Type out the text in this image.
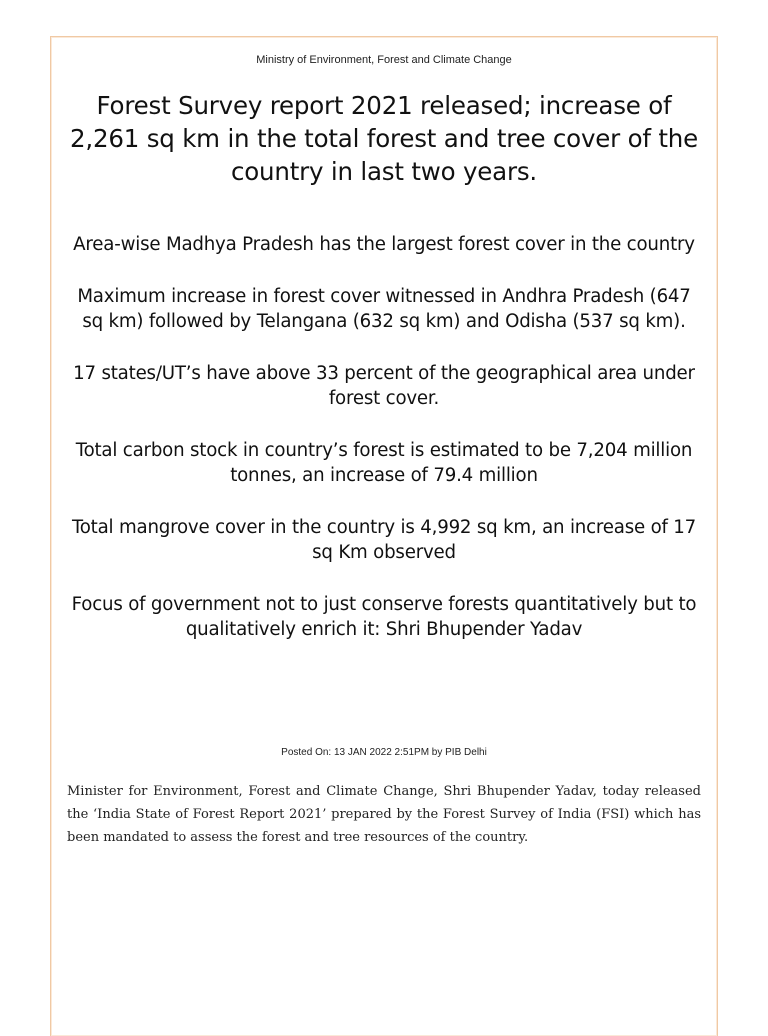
Ministry of Environment, Forest and Climate Change
Forest Survey report 2021 released; increase of 2,261 sq km in the total forest and tree cover of the country in last two years.
Area-wise Madhya Pradesh has the largest forest cover in the country
Maximum increase in forest cover witnessed in Andhra Pradesh (647 sq km) followed by Telangana (632 sq km) and Odisha (537 sq km).
17 states/UT’s have above 33 percent of the geographical area under forest cover.
Total carbon stock in country’s forest is estimated to be 7,204 million tonnes, an increase of 79.4 million
Total mangrove cover in the country is 4,992 sq km, an increase of 17 sq Km observed
Focus of government not to just conserve forests quantitatively but to qualitatively enrich it: Shri Bhupender Yadav
Posted On: 13 JAN 2022 2:51PM by PIB Delhi
Minister for Environment, Forest and Climate Change, Shri Bhupender Yadav, today released the ‘India State of Forest Report 2021’ prepared by the Forest Survey of India (FSI) which has been mandated to assess the forest and tree resources of the country.
